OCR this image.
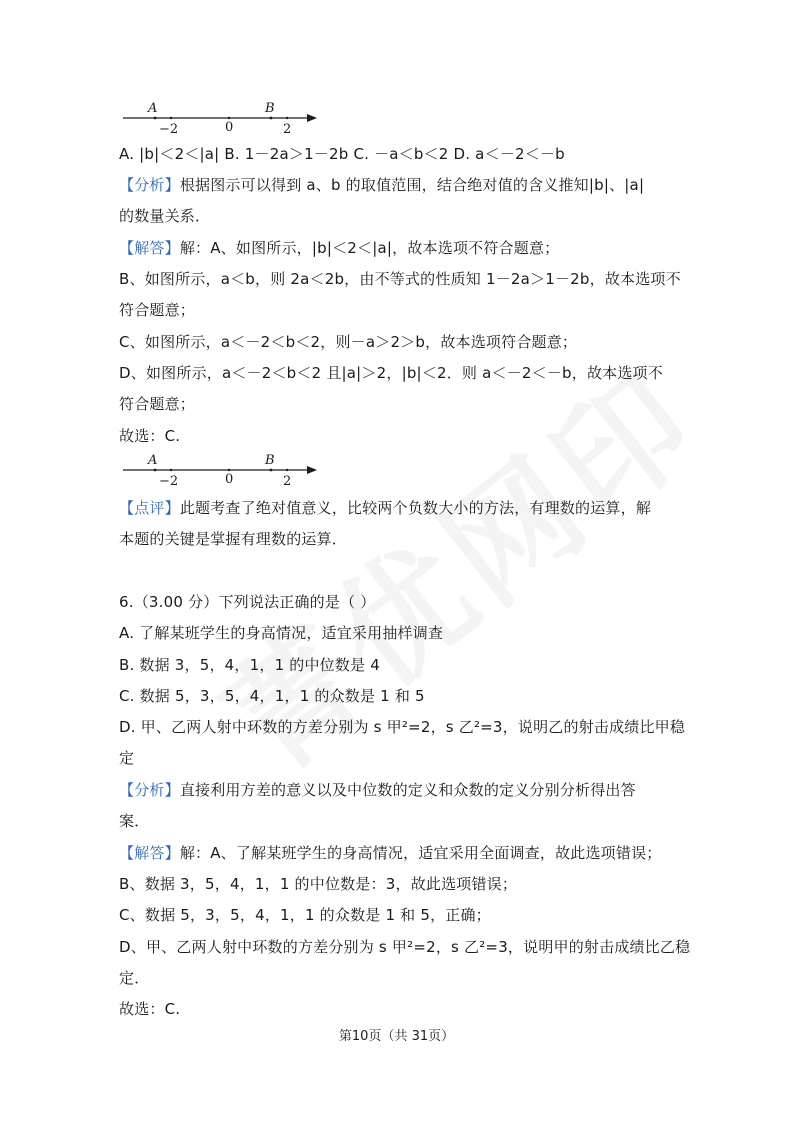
A	B
−2	0	2
A. |b|＜2＜|a| B. 1－2a＞1－2b C. －a＜b＜2 D. a＜－2＜－b
【分析】根据图示可以得到 a、b 的取值范围，结合绝对值的含义推知|b|、|a|
的数量关系．
【解答】解：A、如图所示，|b|＜2＜|a|，故本选项不符合题意；
B、如图所示，a＜b，则 2a＜2b，由不等式的性质知 1－2a＞1－2b，故本选项不
符合题意；
C、如图所示，a＜－2＜b＜2，则－a＞2＞b，故本选项符合题意；
D、如图所示，a＜－2＜b＜2 且|a|＞2，|b|＜2．则 a＜－2＜－b，故本选项不
符合题意；
故选：C.
A	B
−2	0	2
【点评】此题考查了绝对值意义，比较两个负数大小的方法，有理数的运算，解
本题的关键是掌握有理数的运算．
6.（3.00 分）下列说法正确的是（ ）
A. 了解某班学生的身高情况，适宜采用抽样调查
B. 数据 3，5，4，1，1 的中位数是 4
C. 数据 5，3，5，4，1，1 的众数是 1 和 5
D. 甲、乙两人射中环数的方差分别为 s 甲²=2，s 乙²=3，说明乙的射击成绩比甲稳
定
【分析】直接利用方差的意义以及中位数的定义和众数的定义分别分析得出答
案．
【解答】解：A、了解某班学生的身高情况，适宜采用全面调查，故此选项错误；
B、数据 3，5，4，1，1 的中位数是：3，故此选项错误；
C、数据 5，3，5，4，1，1 的众数是 1 和 5，正确；
D、甲、乙两人射中环数的方差分别为 s 甲²=2，s 乙²=3，说明甲的射击成绩比乙稳
定．
故选：C.
第10页（共 31页）
